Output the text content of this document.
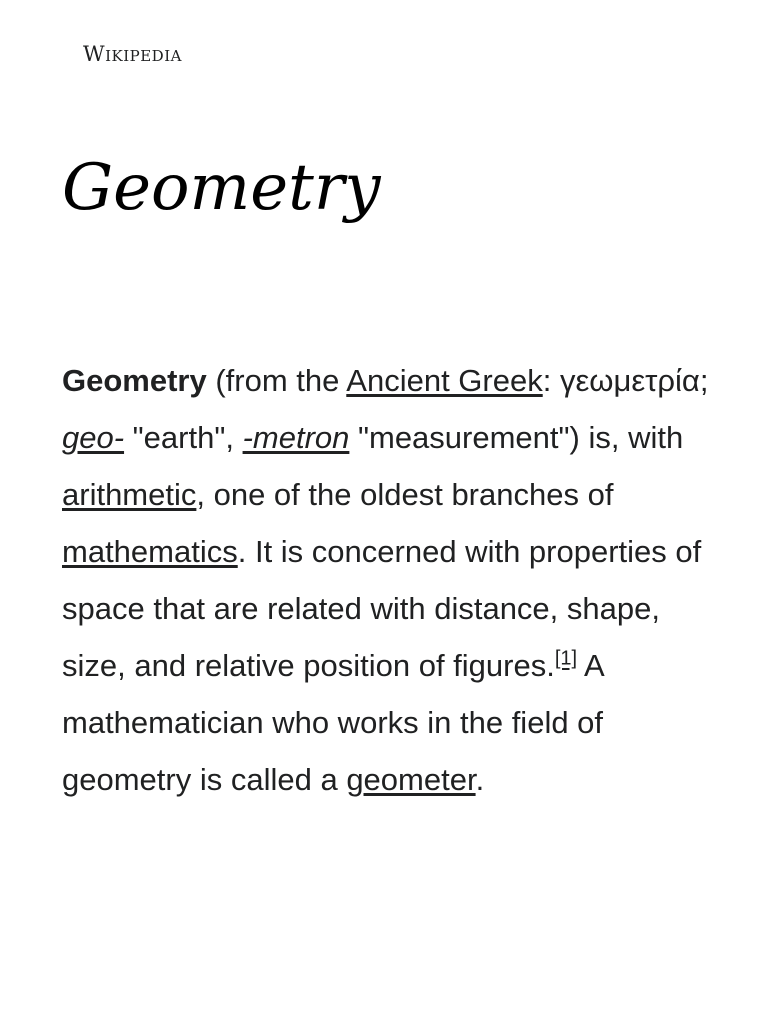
Wikipedia
Geometry

Geometry (from the Ancient Greek: γεωμετρία; geo- "earth", -metron "measurement") is, with arithmetic, one of the oldest branches of mathematics. It is concerned with properties of space that are related with distance, shape, size, and relative position of figures.[1] A mathematician who works in the field of geometry is called a geometer.
